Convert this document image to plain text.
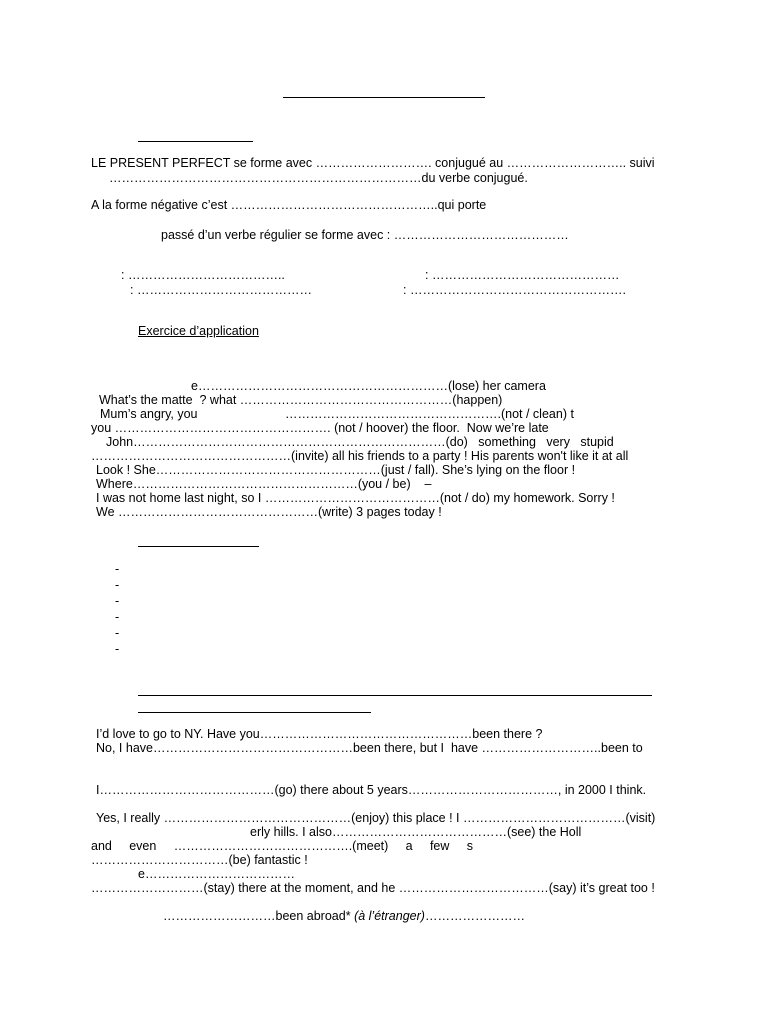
LE PRESENT PERFECT se forme avec ………………………. conjugué au ……………………….. suivi
…………………………………………………………………du verbe conjugué.
A la forme négative c’est …………………………………………..qui porte
passé d’un verbe régulier se forme avec : ……………………………………
: ………………………………..	: ………………………………………
: ……………………………………	: …………………………………………….
Exercice d’application
e……………………………………………………(lose) her camera
What’s the matte  ? what ……………………………………………(happen)
Mum’s angry, you	…………………………………………….(not / clean) t
you ……………………………………………. (not / hoover) the floor.  Now we’re late
John…………………………………………………………………(do)   something   very   stupid
…………………………………………(invite) all his friends to a party ! His parents won't like it at all
Look ! She………………………………………………(just / fall). She’s lying on the floor !
Where………………………………………………(you / be)    –
I was not home last night, so I ……………………………………(not / do) my homework. Sorry !
We …………………………………………(write) 3 pages today !
-
-
-
-
-
-
I’d love to go to NY. Have you……………………………………………been there ?
No, I have…………………………………………been there, but I  have ………………………..been to
I……………………………………(go) there about 5 years………………………………, in 2000 I think.
Yes, I really ………………………………………(enjoy) this place ! I …………………………………(visit)
erly hills. I also……………………………………(see) the Holl
and     even     …………………………………….(meet)     a     few     s
……………………………(be) fantastic !
e………………………………
………………………(stay) there at the moment, and he ………………………………(say) it’s great too !
………………………been abroad* (à l’étranger)……………………
